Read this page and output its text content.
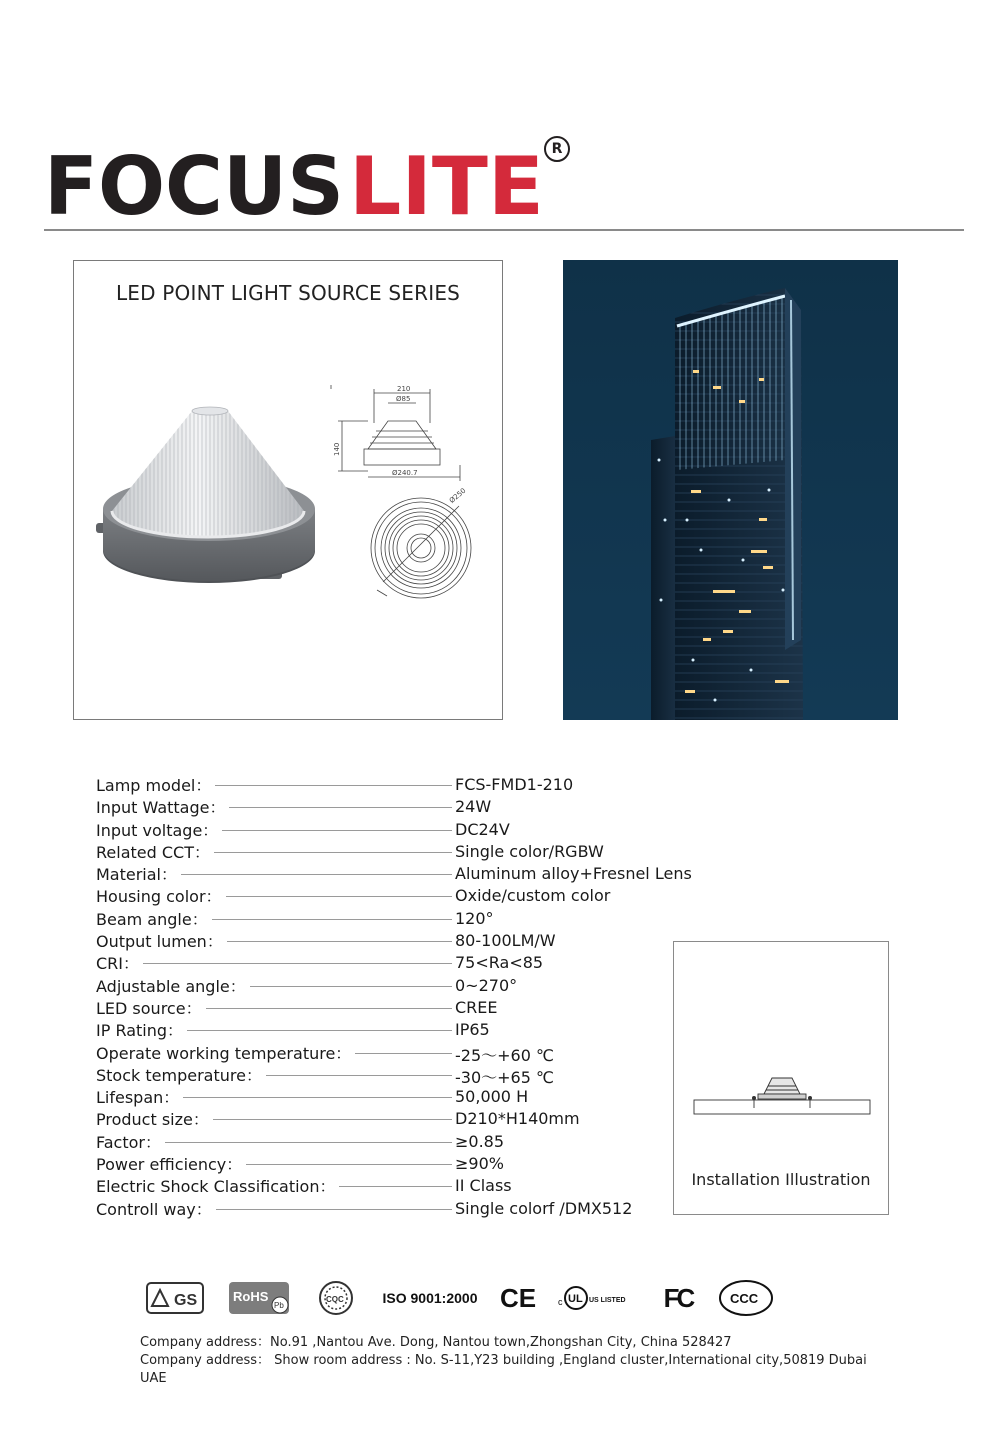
FOCUS LITE R
LED POINT LIGHT SOURCE SERIES
210
Ø85
140
Ø240.7
Ø250
Lamp model：	FCS-FMD1-210
Input Wattage：	24W
Input voltage：	DC24V
Related CCT：	Single color/RGBW
Material：	Aluminum alloy+Fresnel Lens
Housing color：	Oxide/custom color
Beam angle：	120°
Output lumen：	80-100LM/W
CRI：	75<Ra<85
Adjustable angle：	0~270°
LED source：	CREE
IP Rating：	IP65
Operate working temperature：	-25～+60 ℃
Stock temperature：	-30～+65 ℃
Lifespan：	50,000 H
Product size：	D210*H140mm
Factor：	≥0.85
Power efficiency：	≥90%
Electric Shock Classification：	II Class
Controll way：	Single colorf /DMX512
Installation Illustration
GS	RoHS
Pb
CQC	ISO 9001:2000 CE c UL US LISTED FC	CCC

Company address：No.91 ,Nantou Ave. Dong, Nantou town,Zhongshan City, China 528427

Company address： Show room address : No. S-11,Y23 building ,England cluster,International city,50819 Dubai UAE
